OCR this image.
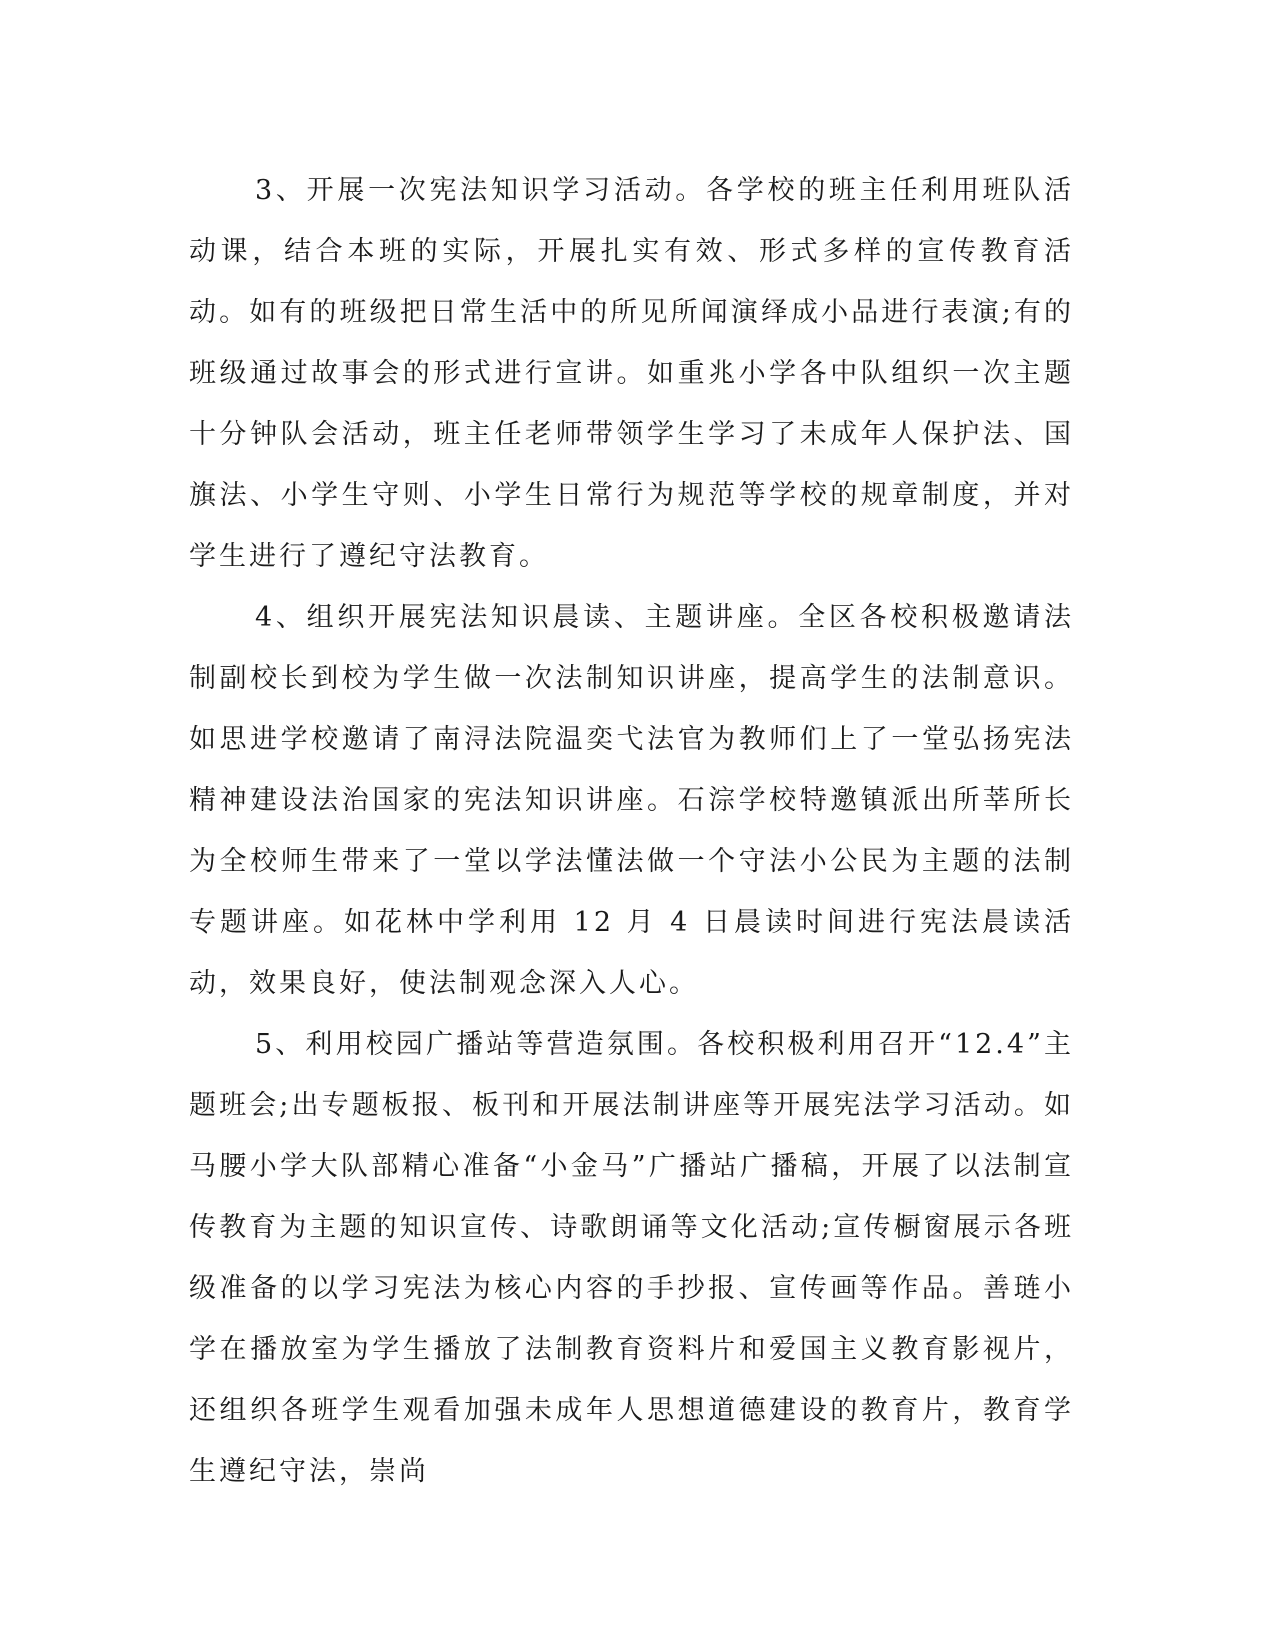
3、开展一次宪法知识学习活动。各学校的班主任利用班队活动课，结合本班的实际，开展扎实有效、形式多样的宣传教育活动。如有的班级把日常生活中的所见所闻演绎成小品进行表演;有的班级通过故事会的形式进行宣讲。如重兆小学各中队组织一次主题十分钟队会活动，班主任老师带领学生学习了未成年人保护法、国旗法、小学生守则、小学生日常行为规范等学校的规章制度，并对学生进行了遵纪守法教育。

4、组织开展宪法知识晨读、主题讲座。全区各校积极邀请法制副校长到校为学生做一次法制知识讲座，提高学生的法制意识。如思进学校邀请了南浔法院温奕弋法官为教师们上了一堂弘扬宪法精神建设法治国家的宪法知识讲座。石淙学校特邀镇派出所莘所长为全校师生带来了一堂以学法懂法做一个守法小公民为主题的法制专题讲座。如花林中学利用 12 月 4 日晨读时间进行宪法晨读活动，效果良好，使法制观念深入人心。

5、利用校园广播站等营造氛围。各校积极利用召开“12.4”主题班会;出专题板报、板刊和开展法制讲座等开展宪法学习活动。如马腰小学大队部精心准备“小金马”广播站广播稿，开展了以法制宣传教育为主题的知识宣传、诗歌朗诵等文化活动;宣传橱窗展示各班级准备的以学习宪法为核心内容的手抄报、宣传画等作品。善琏小学在播放室为学生播放了法制教育资料片和爱国主义教育影视片，还组织各班学生观看加强未成年人思想道德建设的教育片，教育学生遵纪守法，崇尚
